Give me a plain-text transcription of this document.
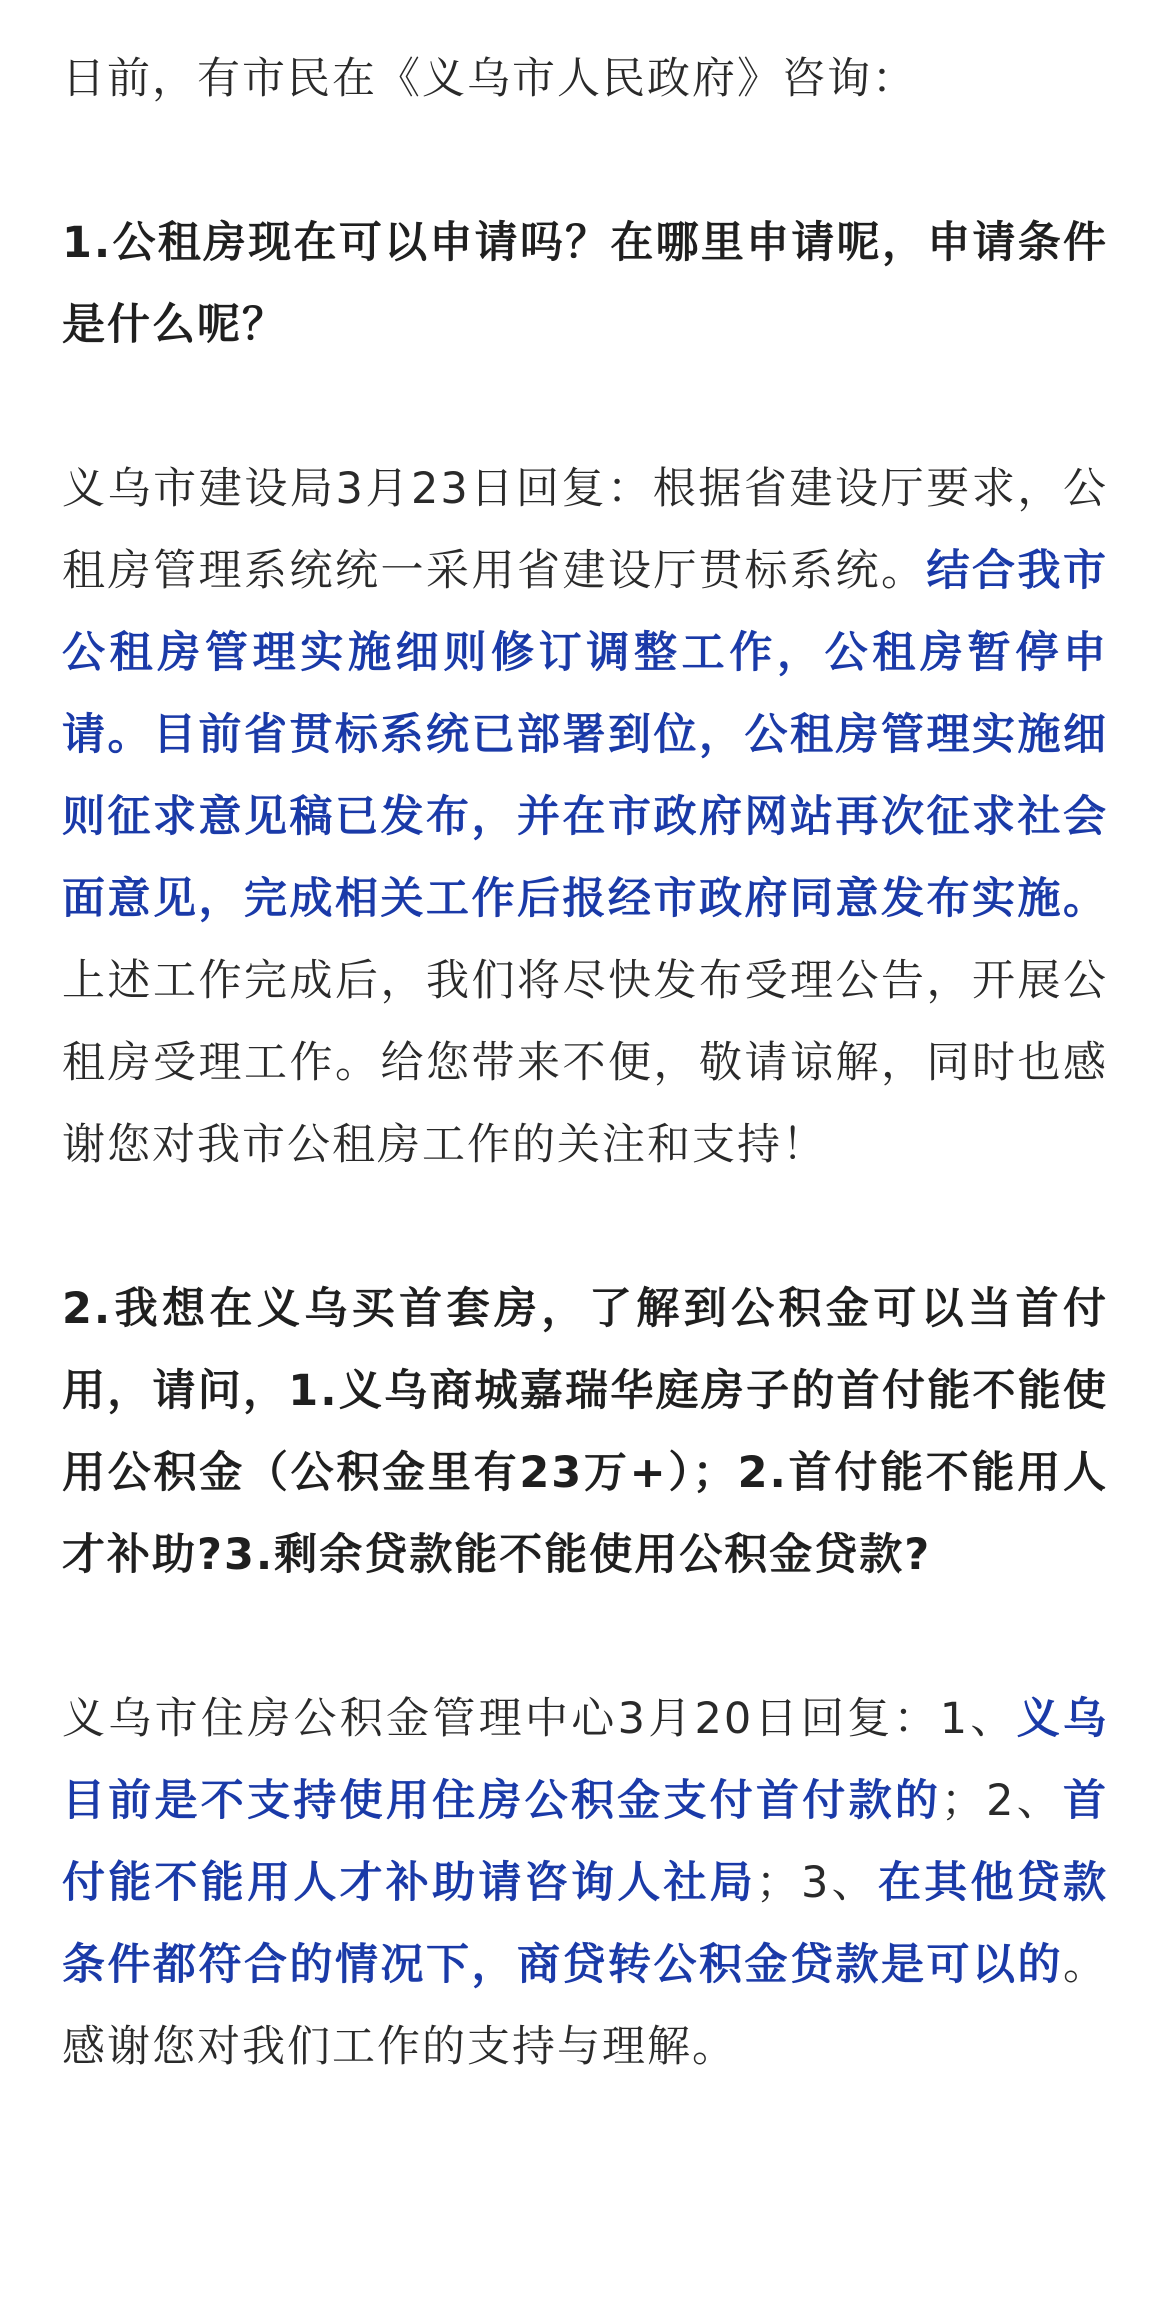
日前，有市民在《义乌市人民政府》咨询：

1.公租房现在可以申请吗？在哪里申请呢，申请条件是什么呢？

义乌市建设局3月23日回复：根据省建设厅要求，公租房管理系统统一采用省建设厅贯标系统。结合我市公租房管理实施细则修订调整工作，公租房暂停申请。目前省贯标系统已部署到位，公租房管理实施细则征求意见稿已发布，并在市政府网站再次征求社会面意见，完成相关工作后报经市政府同意发布实施。上述工作完成后，我们将尽快发布受理公告，开展公租房受理工作。给您带来不便，敬请谅解，同时也感谢您对我市公租房工作的关注和支持！

2.我想在义乌买首套房，了解到公积金可以当首付用，请问，1.义乌商城嘉瑞华庭房子的首付能不能使用公积金（公积金里有23万+）；2.首付能不能用人才补助?3.剩余贷款能不能使用公积金贷款?

义乌市住房公积金管理中心3月20日回复：1、义乌目前是不支持使用住房公积金支付首付款的；2、首付能不能用人才补助请咨询人社局；3、在其他贷款条件都符合的情况下，商贷转公积金贷款是可以的。感谢您对我们工作的支持与理解。
